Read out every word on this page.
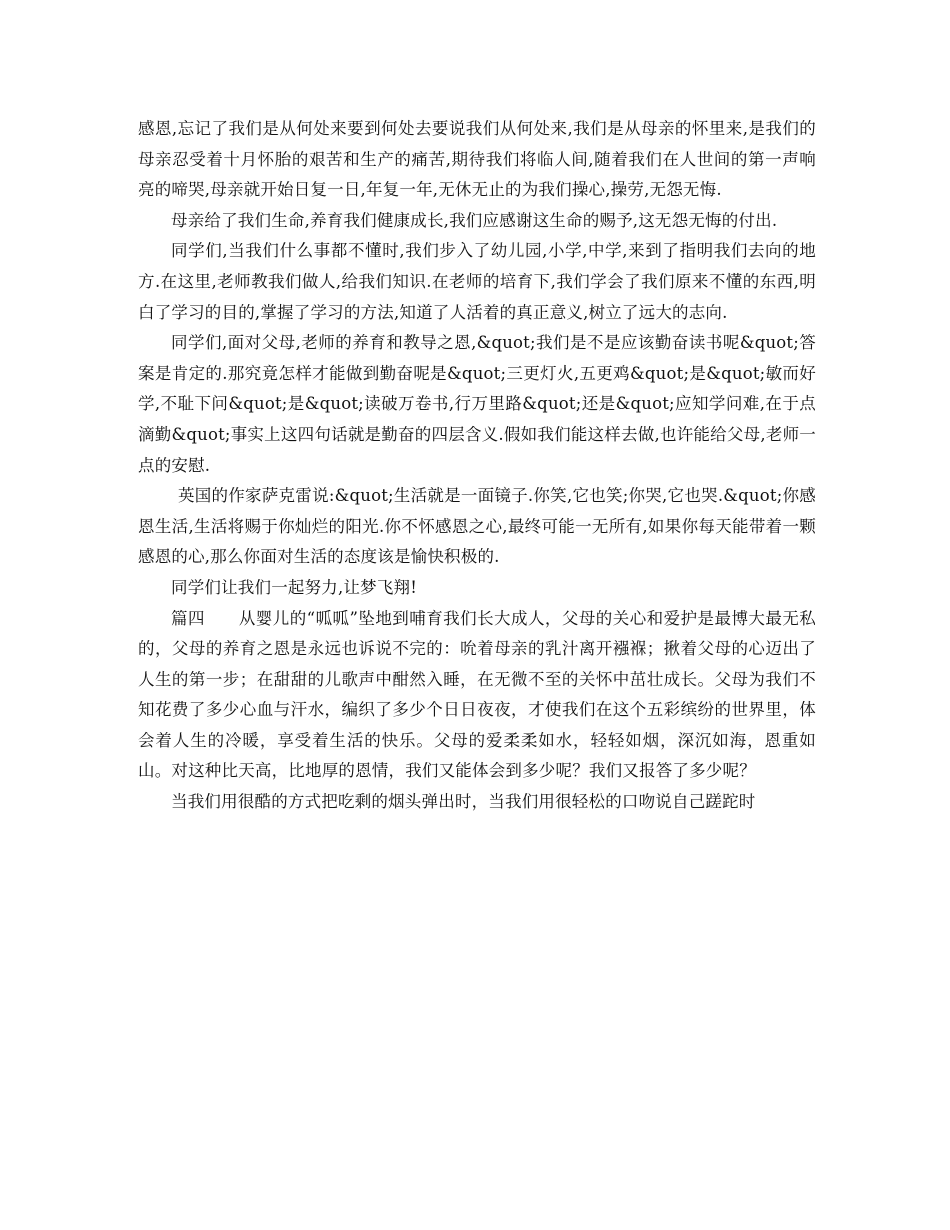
感恩,忘记了我们是从何处来要到何处去要说我们从何处来,我们是从母亲的怀里来,是我们的母亲忍受着十月怀胎的艰苦和生产的痛苦,期待我们将临人间,随着我们在人世间的第一声响亮的啼哭,母亲就开始日复一日,年复一年,无休无止的为我们操心,操劳,无怨无悔.

母亲给了我们生命,养育我们健康成长,我们应感谢这生命的赐予,这无怨无悔的付出.

同学们,当我们什么事都不懂时,我们步入了幼儿园,小学,中学,来到了指明我们去向的地方.在这里,老师教我们做人,给我们知识.在老师的培育下,我们学会了我们原来不懂的东西,明白了学习的目的,掌握了学习的方法,知道了人活着的真正意义,树立了远大的志向.

同学们,面对父母,老师的养育和教导之恩,&quot;我们是不是应该勤奋读书呢&quot;答案是肯定的.那究竟怎样才能做到勤奋呢是&quot;三更灯火,五更鸡&quot;是&quot;敏而好学,不耻下问&quot;是&quot;读破万卷书,行万里路&quot;还是&quot;应知学问难,在于点滴勤&quot;事实上这四句话就是勤奋的四层含义.假如我们能这样去做,也许能给父母,老师一点的安慰.

英国的作家萨克雷说:&quot;生活就是一面镜子.你笑,它也笑;你哭,它也哭.&quot;你感恩生活,生活将赐于你灿烂的阳光.你不怀感恩之心,最终可能一无所有,如果你每天能带着一颗感恩的心,那么你面对生活的态度该是愉快积极的.

同学们让我们一起努力,让梦飞翔!

篇四　　从婴儿的“呱呱”坠地到哺育我们长大成人，父母的关心和爱护是最博大最无私的，父母的养育之恩是永远也诉说不完的：吮着母亲的乳汁离开襁褓；揪着父母的心迈出了人生的第一步；在甜甜的儿歌声中酣然入睡，在无微不至的关怀中茁壮成长。父母为我们不知花费了多少心血与汗水，编织了多少个日日夜夜，才使我们在这个五彩缤纷的世界里，体会着人生的冷暖，享受着生活的快乐。父母的爱柔柔如水，轻轻如烟，深沉如海，恩重如山。对这种比天高，比地厚的恩情，我们又能体会到多少呢？我们又报答了多少呢？

当我们用很酷的方式把吃剩的烟头弹出时，当我们用很轻松的口吻说自己蹉跎时
